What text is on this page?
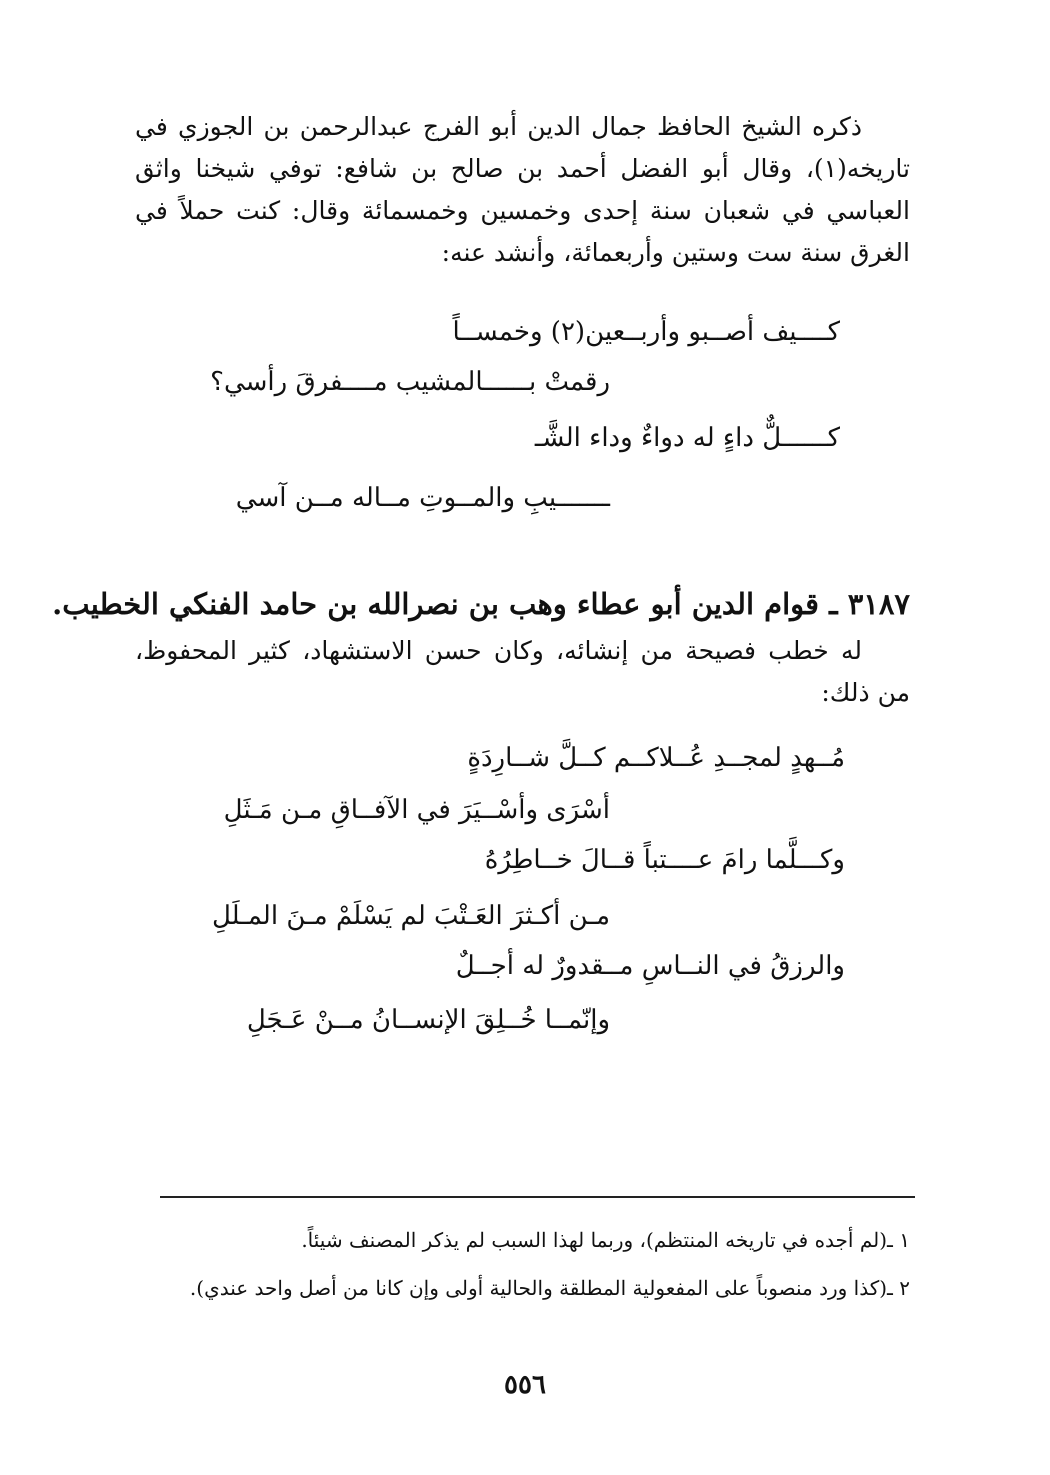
ذكره الشيخ الحافظ جمال الدين أبو الفرج عبدالرحمن بن الجوزي في تاريخه(١)، وقال أبو الفضل أحمد بن صالح بن شافع: توفي شيخنا واثق العباسي في شعبان سنة إحدى وخمسين وخمسمائة وقال: كنت حملاً في الغرق سنة ست وستين وأربعمائة، وأنشد عنه:

كــــيف أصــبو وأربــعين(٢) وخمســاً
رقمتْ بــــــالمشيب مــــفرقَ رأسي؟
كــــــلٌّ داءٍ له دواءٌ وداء الشَّـ
ـــــــيبِ والمــوتِ مــاله مــن آسي
٣١٨٧ ـ قوام الدين أبو عطاء وهب بن نصرالله بن حامد الفنكي الخطيب.

له خطب فصيحة من إنشائه، وكان حسن الاستشهاد، كثير المحفوظ، من ذلك:

مُــهدٍ لمجــدِ عُــلاكــم كــلَّ شــارِدَةٍ
أسْرَى وأسْــيَرَ في الآفــاقِ مـن مَـثَلِ
وكـــلَّما رامَ عــــتباً قــالَ خــاطِرُهُ
مـن أكـثرَ العَـتْبَ لم يَسْلَمْ مـنَ المـلَلِ
والرزقُ في النــاسِ مــقدورٌ له أجــلٌ
وإنّمــا خُــلِقَ الإنســانُ مــنْ عَـجَلِ
١ ـ(لم أجده في تاريخه المنتظم)، وربما لهذا السبب لم يذكر المصنف شيئاً.
٢ ـ(كذا ورد منصوباً على المفعولية المطلقة والحالية أولى وإن كانا من أصل واحد عندي).
٥٥٦
